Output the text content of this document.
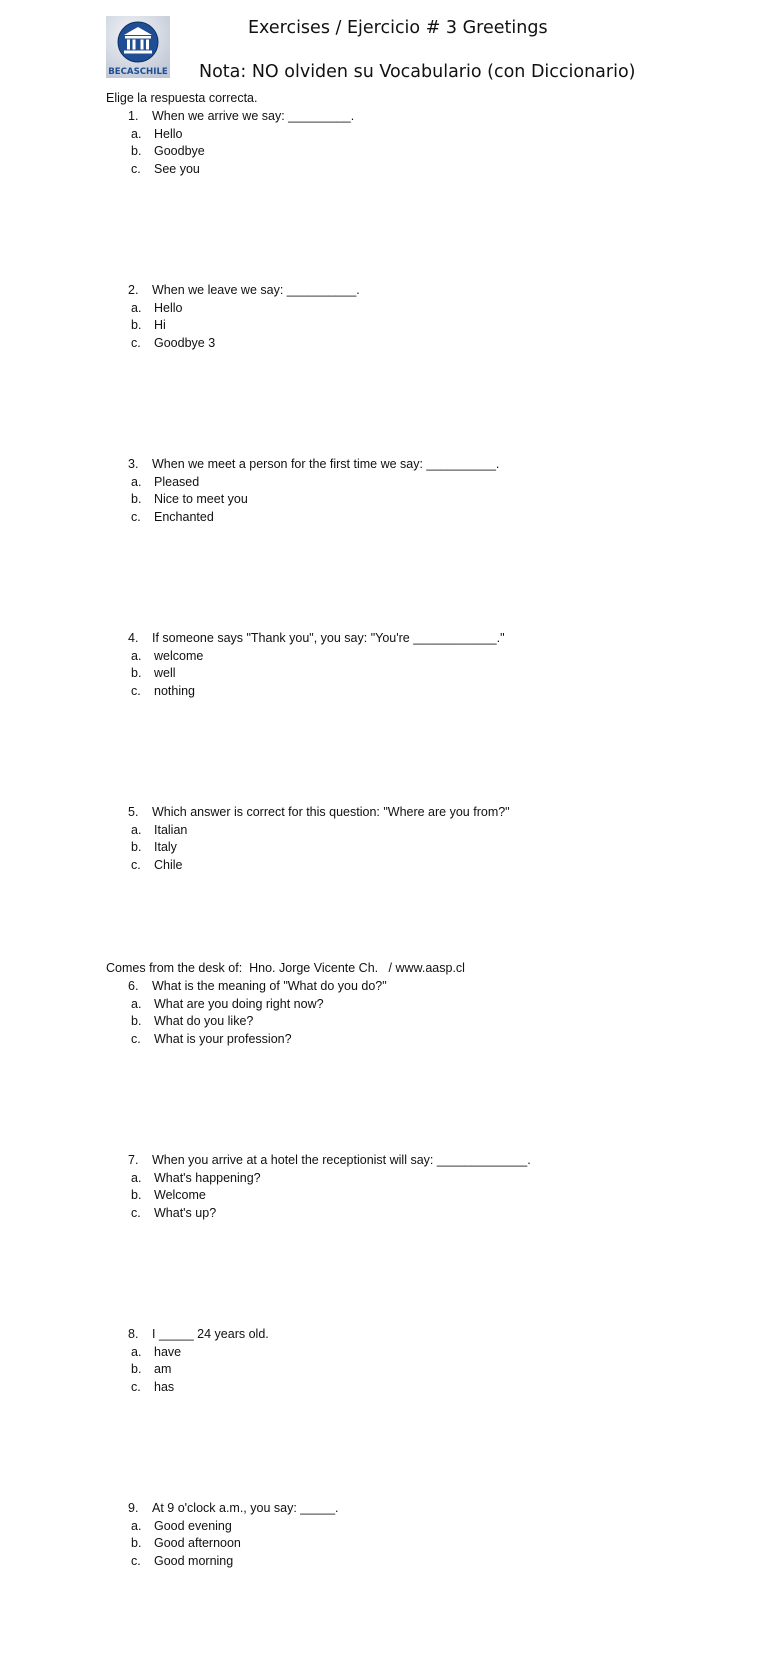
BECASCHILE
Exercises / Ejercicio # 3 Greetings
Nota: NO olviden su Vocabulario (con Diccionario)
Elige la respuesta correcta.
1. When we arrive we say: _________.
a. Hello
b. Goodbye
c. See you
2. When we leave we say: __________.
a. Hello
b. Hi
c. Goodbye 3
3. When we meet a person for the first time we say: __________.
a. Pleased
b. Nice to meet you
c. Enchanted
4. If someone says "Thank you", you say: "You're ____________."
a. welcome
b. well
c. nothing
5. Which answer is correct for this question: "Where are you from?"
a. Italian
b. Italy
c. Chile
6. What is the meaning of "What do you do?"
a. What are you doing right now?
b. What do you like?
c. What is your profession?
7. When you arrive at a hotel the receptionist will say: _____________.
a. What's happening?
b. Welcome
c. What's up?
8. I _____ 24 years old.
a. have
b. am
c. has
9. At 9 o'clock a.m., you say: _____.
a. Good evening
b. Good afternoon
c. Good morning
Comes from the desk of:  Hno. Jorge Vicente Ch.   / www.aasp.cl
